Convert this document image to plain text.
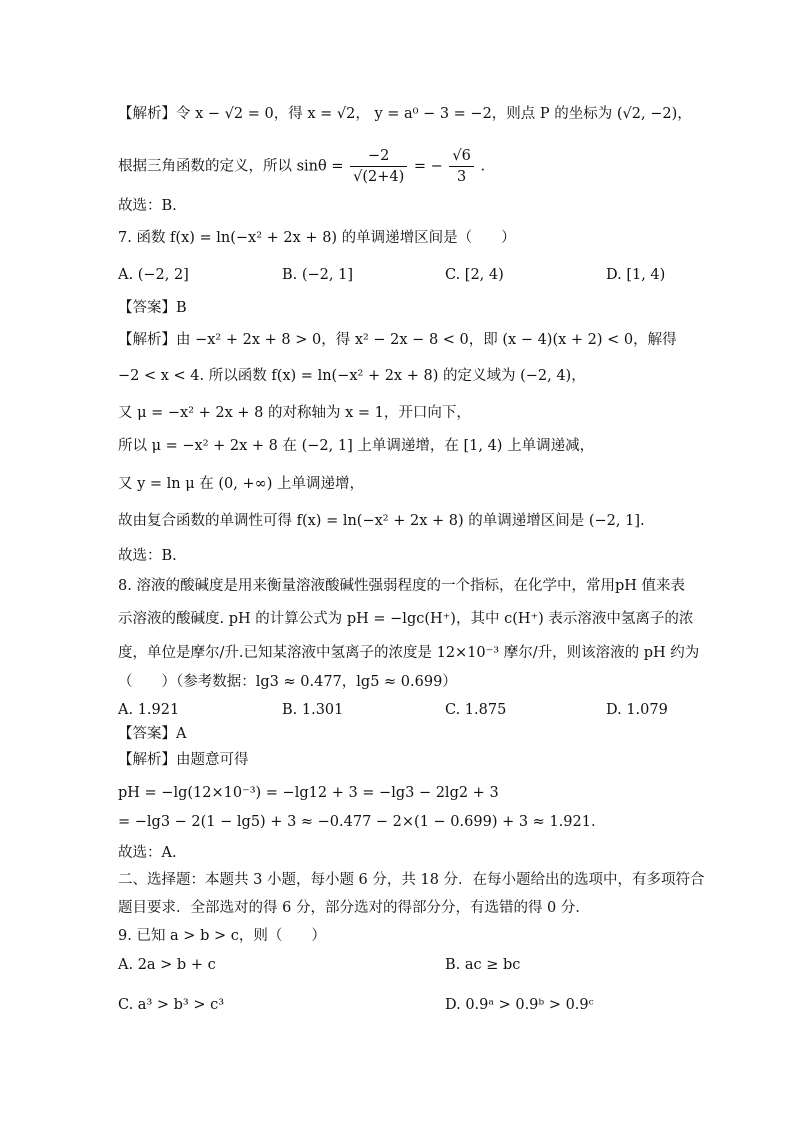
【解析】令 x − √2 = 0，得 x = √2， y = a⁰ − 3 = −2，则点 P 的坐标为 (√2, −2)，
根据三角函数的定义，所以 $\sin\theta = \frac{-2}{√(2+4)}$ = − $\frac{√6}{3}$ .
故选：B.
7. 函数 f(x) = ln(−x² + 2x + 8) 的单调递增区间是（　　）
A. (−2, 2]	B. (−2, 1]	C. [2, 4)	D. [1, 4)
【答案】B
【解析】由 −x² + 2x + 8 > 0，得 x² − 2x − 8 < 0，即 (x − 4)(x + 2) < 0，解得
−2 < x < 4. 所以函数 f(x) = ln(−x² + 2x + 8) 的定义域为 (−2, 4)，
又 μ = −x² + 2x + 8 的对称轴为 x = 1，开口向下，
所以 μ = −x² + 2x + 8 在 (−2, 1] 上单调递增，在 [1, 4) 上单调递减，
又 y = ln μ 在 (0, +∞) 上单调递增，
故由复合函数的单调性可得 f(x) = ln(−x² + 2x + 8) 的单调递增区间是 (−2, 1].
故选：B.
8. 溶液的酸碱度是用来衡量溶液酸碱性强弱程度的一个指标，在化学中，常用pH 值来表
示溶液的酸碱度. pH 的计算公式为 pH = −lgc(H⁺)，其中 c(H⁺) 表示溶液中氢离子的浓
度，单位是摩尔/升.已知某溶液中氢离子的浓度是 12×10⁻³ 摩尔/升，则该溶液的 pH 约为
（　　）（参考数据：lg3 ≈ 0.477，lg5 ≈ 0.699）
A. 1.921	B. 1.301	C. 1.875	D. 1.079
【答案】A
【解析】由题意可得
pH = −lg(12×10⁻³) = −lg12 + 3 = −lg3 − 2lg2 + 3
= −lg3 − 2(1 − lg5) + 3 ≈ −0.477 − 2×(1 − 0.699) + 3 ≈ 1.921.
故选：A.
二、选择题：本题共 3 小题，每小题 6 分，共 18 分．在每小题给出的选项中，有多项符合
题目要求．全部选对的得 6 分，部分选对的得部分分，有选错的得 0 分．
9. 已知 a > b > c，则（　　）
A. 2a > b + c	B. ac ≥ bc
C. a³ > b³ > c³	D. 0.9ᵃ > 0.9ᵇ > 0.9ᶜ
